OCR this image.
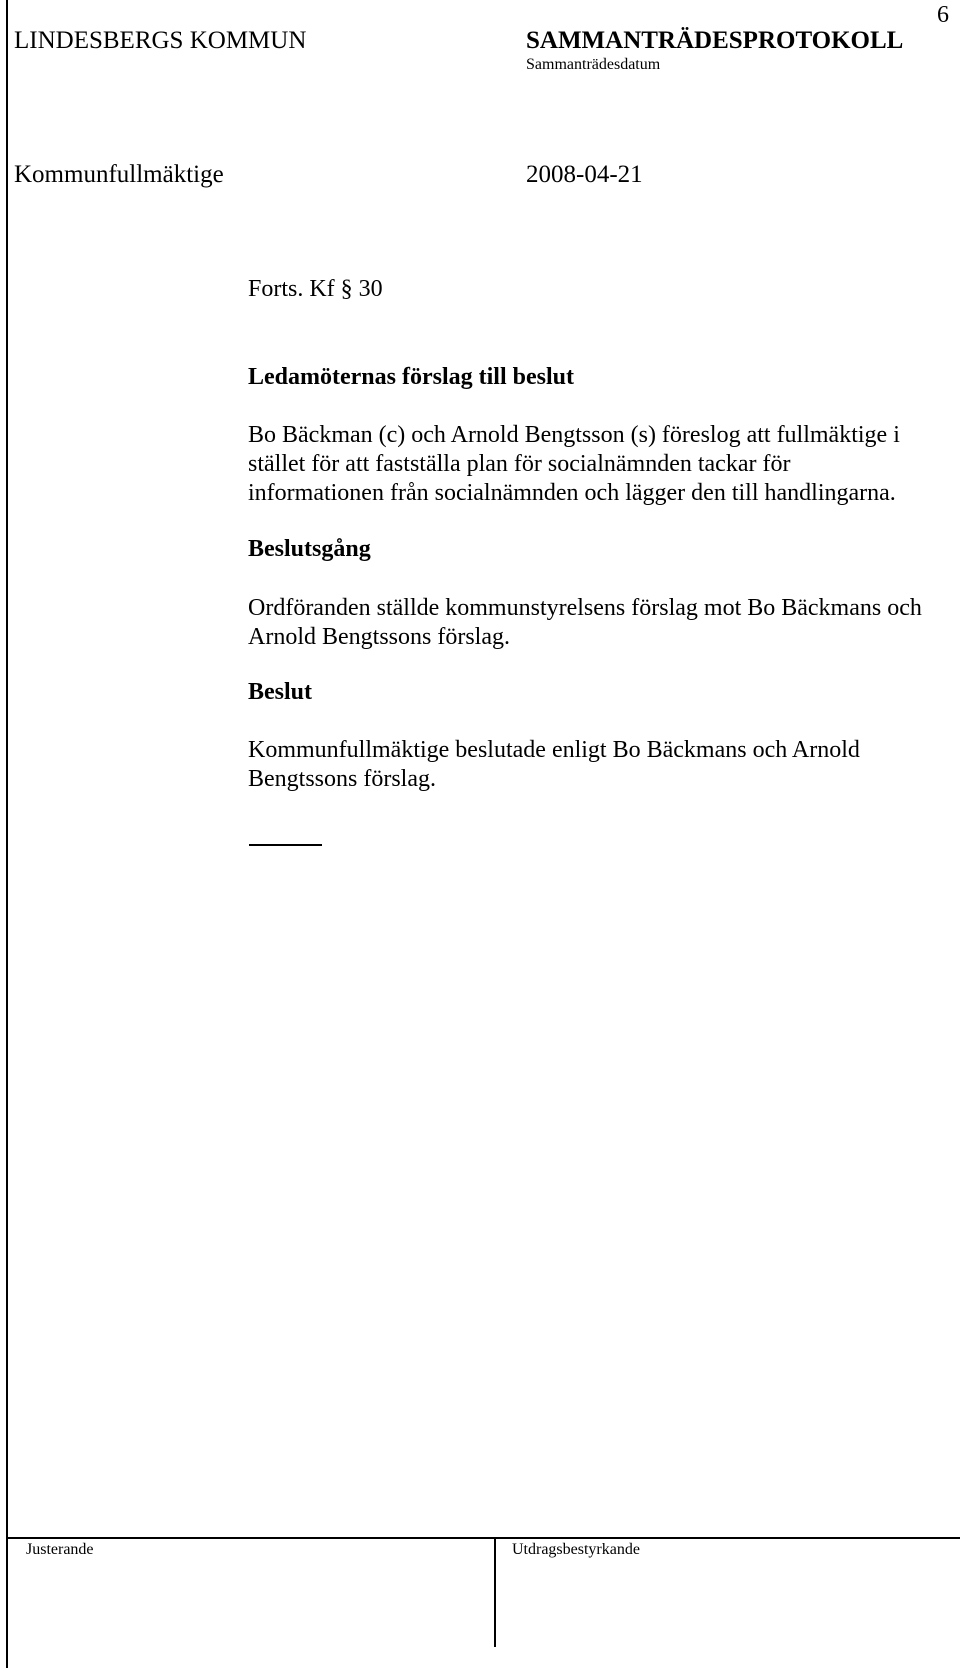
6
LINDESBERGS KOMMUN	SAMMANTRÄDESPROTOKOLL
Sammanträdesdatum
Kommunfullmäktige	2008-04-21
Forts. Kf § 30
Ledamöternas förslag till beslut
Bo Bäckman (c) och Arnold Bengtsson (s) föreslog att fullmäktige i
stället för att fastställa plan för socialnämnden tackar för
informationen från socialnämnden och lägger den till handlingarna.
Beslutsgång
Ordföranden ställde kommunstyrelsens förslag mot Bo Bäckmans och
Arnold Bengtssons förslag.
Beslut
Kommunfullmäktige beslutade enligt Bo Bäckmans och Arnold
Bengtssons förslag.
Justerande	Utdragsbestyrkande
